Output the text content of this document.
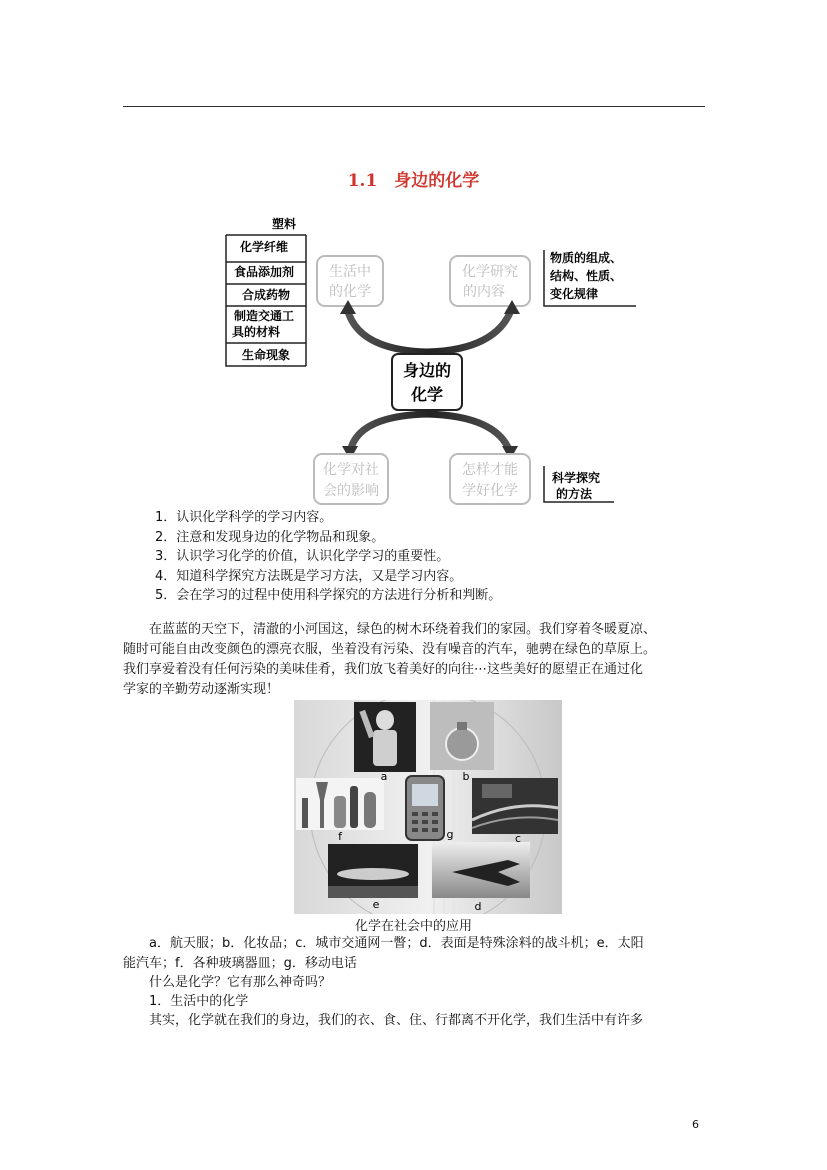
1.1　身边的化学
塑料
化学纤维
食品添加剂
合成药物
制造交通工
具的材料
生命现象
生活中
的化学
化学研究
的内容
物质的组成、
结构、性质、
变化规律
身边的
化学
化学对社
会的影响
怎样才能
学好化学
科学探究
的方法
1．认识化学科学的学习内容。
2．注意和发现身边的化学物品和现象。
3．认识学习化学的价值，认识化学学习的重要性。
4．知道科学探究方法既是学习方法，又是学习内容。
5．会在学习的过程中使用科学探究的方法进行分析和判断。
　　在蓝蓝的天空下，清澈的小河国这，绿色的树木环绕着我们的家园。我们穿着冬暖夏凉、
随时可能自由改变颜色的漂亮衣服，坐着没有污染、没有噪音的汽车，驰骋在绿色的草原上。
我们享爱着没有任何污染的美味佳肴，我们放飞着美好的向往⋯这些美好的愿望正在通过化
学家的辛勤劳动逐渐实现！
a	b
c
d
e
f	g
化学在社会中的应用
　　a．航天服；b．化妆品；c．城市交通网一瞥；d．表面是特殊涂料的战斗机；e．太阳
能汽车；f．各种玻璃器皿；g．移动电话
　　什么是化学？它有那么神奇吗？
　　1．生活中的化学
　　其实，化学就在我们的身边，我们的衣、食、住、行都离不开化学，我们生活中有许多
6
